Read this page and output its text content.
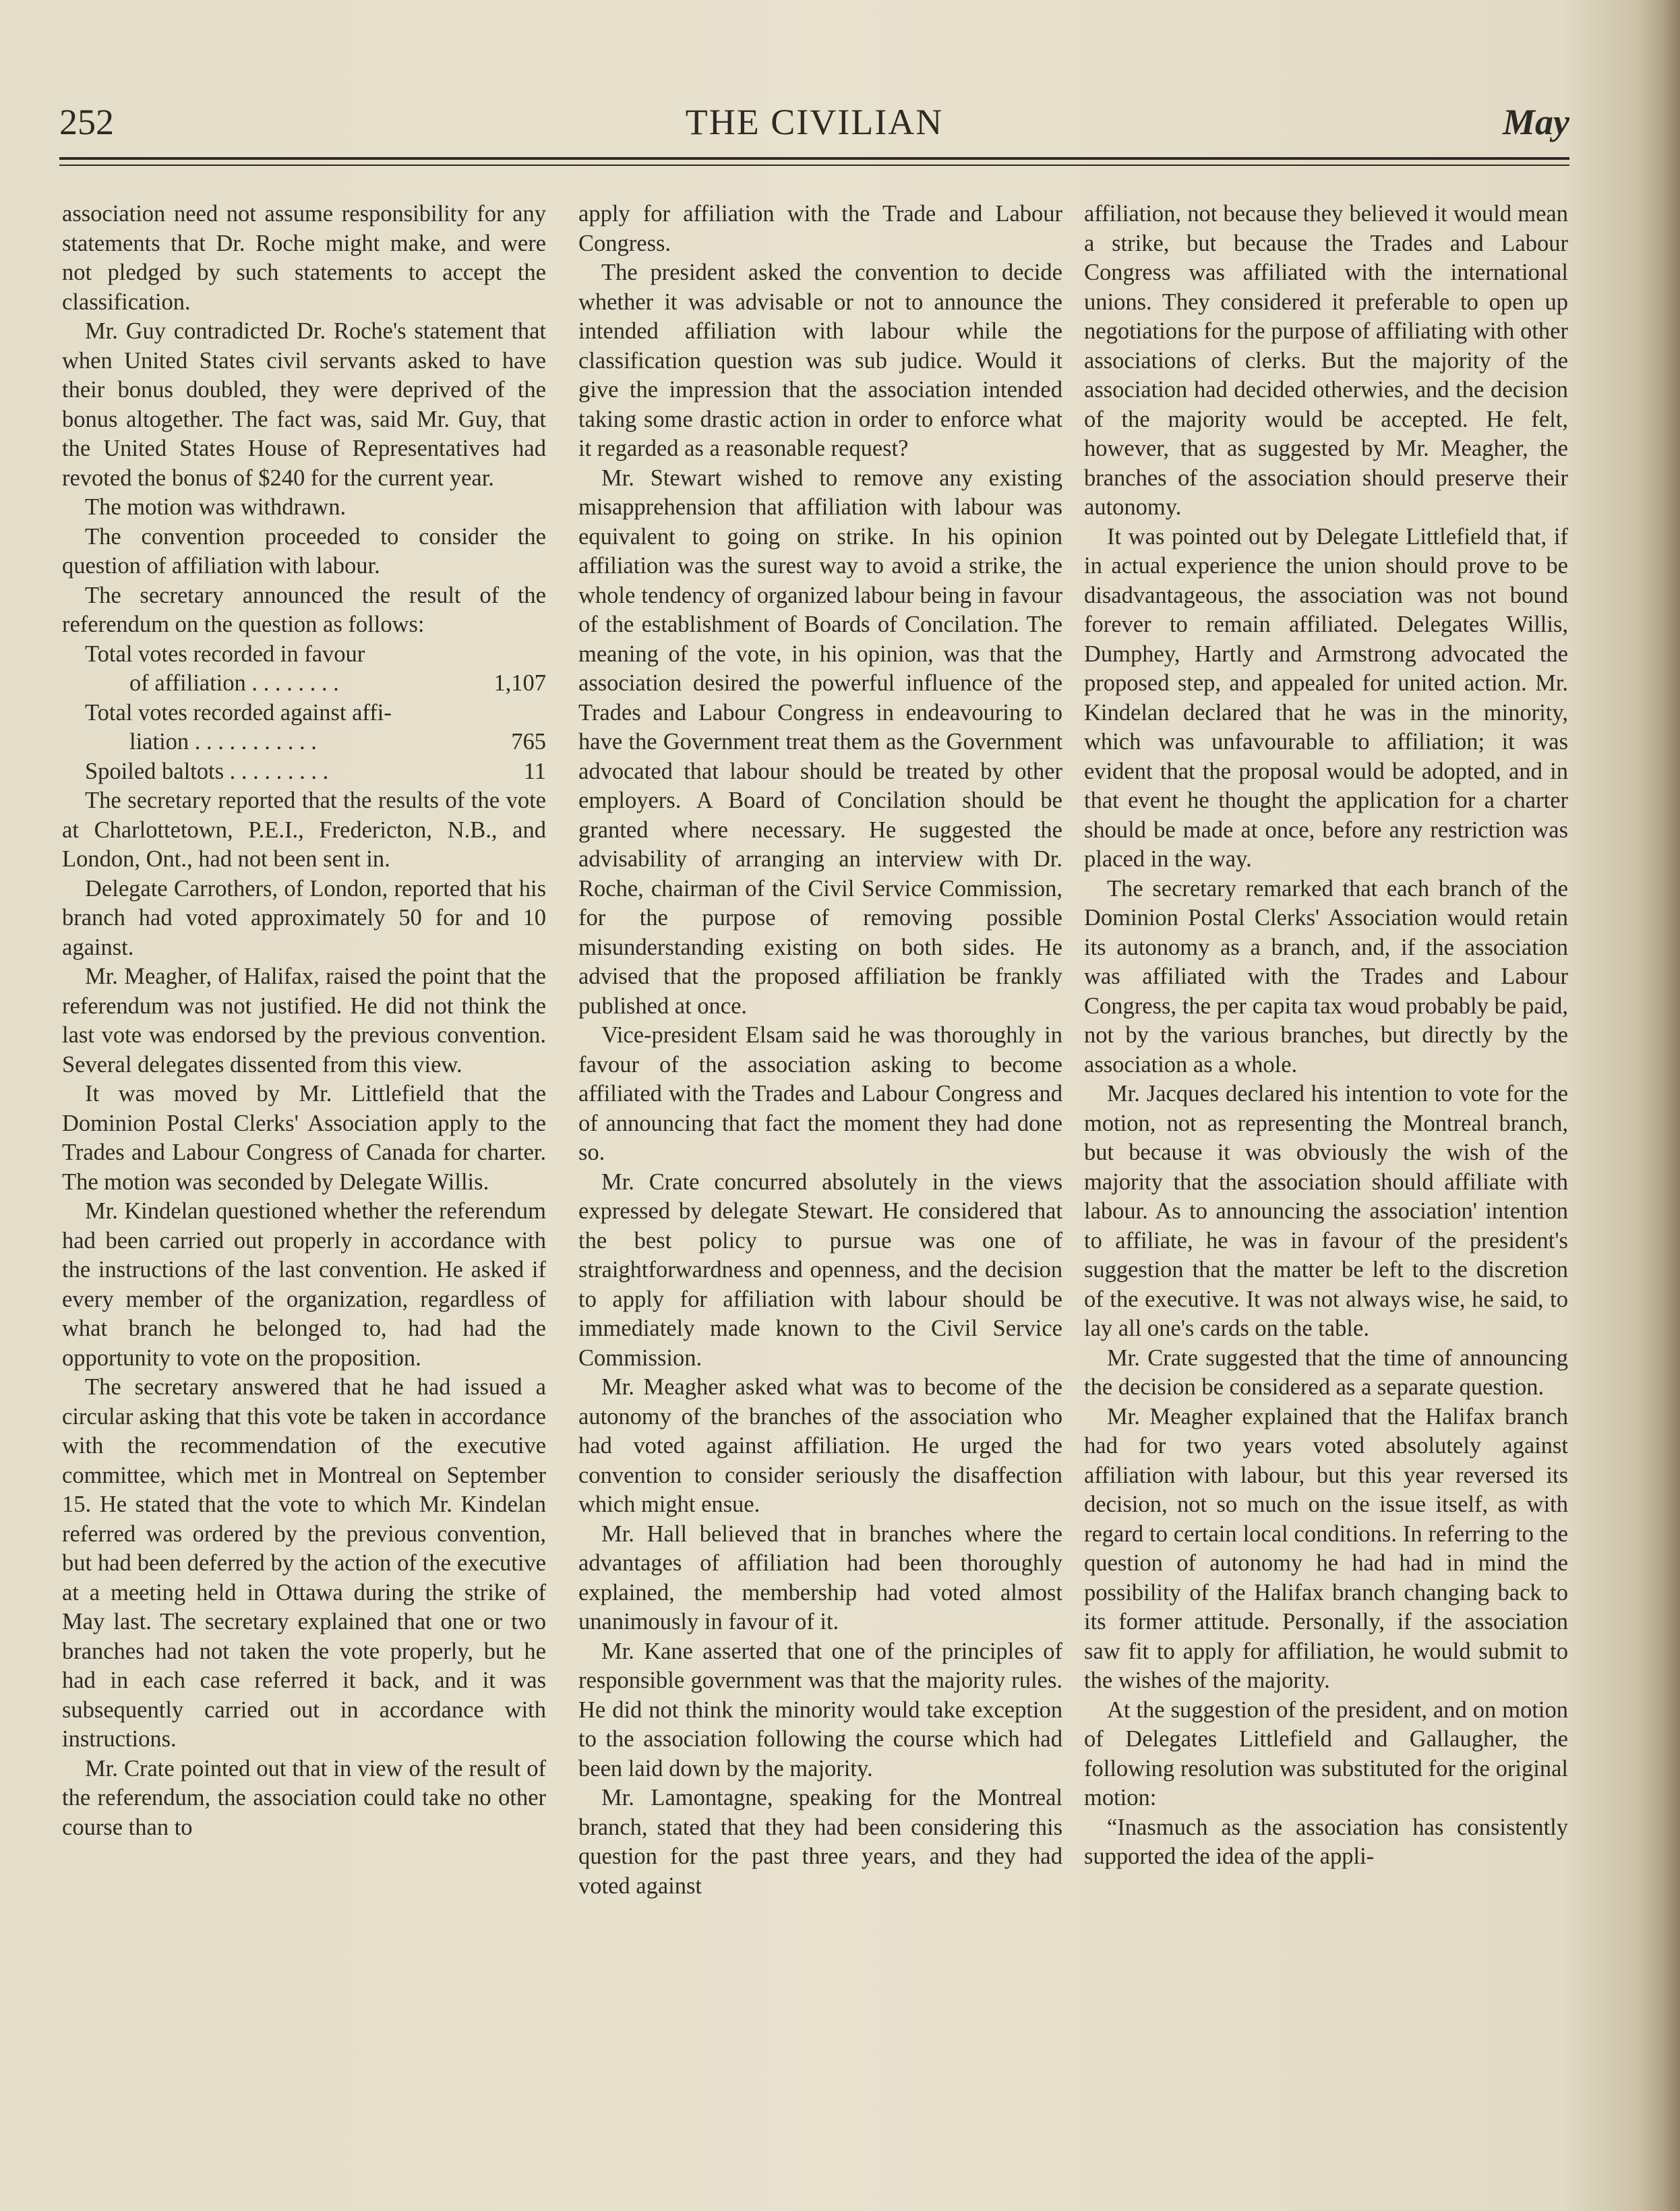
252	THE CIVILIAN	May

association need not assume responsibility for any statements that Dr. Roche might make, and were not pledged by such statements to accept the classification.

Mr. Guy contradicted Dr. Roche's statement that when United States civil servants asked to have their bonus doubled, they were deprived of the bonus altogether. The fact was, said Mr. Guy, that the United States House of Representatives had revoted the bonus of $240 for the current year.

The motion was withdrawn.

The convention proceeded to consider the question of affiliation with labour.

The secretary announced the result of the referendum on the question as follows:

Total votes recorded in favour
of affiliation . . . . . . . .	1,107
Total votes recorded against affi-
liation . . . . . . . . . . .	765
Spoiled baltots . . . . . . . . .	11

The secretary reported that the results of the vote at Charlottetown, P.E.I., Fredericton, N.B., and London, Ont., had not been sent in.

Delegate Carrothers, of London, reported that his branch had voted approximately 50 for and 10 against.

Mr. Meagher, of Halifax, raised the point that the referendum was not justified. He did not think the last vote was endorsed by the previous convention. Several delegates dissented from this view.

It was moved by Mr. Littlefield that the Dominion Postal Clerks' Association apply to the Trades and Labour Congress of Canada for charter. The motion was seconded by Delegate Willis.

Mr. Kindelan questioned whether the referendum had been carried out properly in accordance with the instructions of the last convention. He asked if every member of the organization, regardless of what branch he belonged to, had had the opportunity to vote on the proposition.

The secretary answered that he had issued a circular asking that this vote be taken in accordance with the recommendation of the executive committee, which met in Montreal on September 15. He stated that the vote to which Mr. Kindelan referred was ordered by the previous convention, but had been deferred by the action of the executive at a meeting held in Ottawa during the strike of May last. The secretary explained that one or two branches had not taken the vote properly, but he had in each case referred it back, and it was subsequently carried out in accordance with instructions.

Mr. Crate pointed out that in view of the result of the referendum, the association could take no other course than to

apply for affiliation with the Trade and Labour Congress.

The president asked the convention to decide whether it was advisable or not to announce the intended affiliation with labour while the classification question was sub judice. Would it give the impression that the association intended taking some drastic action in order to enforce what it regarded as a reasonable request?

Mr. Stewart wished to remove any existing misapprehension that affiliation with labour was equivalent to going on strike. In his opinion affiliation was the surest way to avoid a strike, the whole tendency of organized labour being in favour of the establishment of Boards of Concilation. The meaning of the vote, in his opinion, was that the association desired the powerful influence of the Trades and Labour Congress in endeavouring to have the Government treat them as the Government advocated that labour should be treated by other employers. A Board of Concilation should be granted where necessary. He suggested the advisability of arranging an interview with Dr. Roche, chairman of the Civil Service Commission, for the purpose of removing possible misunderstanding existing on both sides. He advised that the proposed affiliation be frankly published at once.

Vice-president Elsam said he was thoroughly in favour of the association asking to become affiliated with the Trades and Labour Congress and of announcing that fact the moment they had done so.

Mr. Crate concurred absolutely in the views expressed by delegate Stewart. He considered that the best policy to pursue was one of straightforwardness and openness, and the decision to apply for affiliation with labour should be immediately made known to the Civil Service Commission.

Mr. Meagher asked what was to become of the autonomy of the branches of the association who had voted against affiliation. He urged the convention to consider seriously the disaffection which might ensue.

Mr. Hall believed that in branches where the advantages of affiliation had been thoroughly explained, the membership had voted almost unanimously in favour of it.

Mr. Kane asserted that one of the principles of responsible government was that the majority rules. He did not think the minority would take exception to the association following the course which had been laid down by the majority.

Mr. Lamontagne, speaking for the Montreal branch, stated that they had been considering this question for the past three years, and they had voted against

affiliation, not because they believed it would mean a strike, but because the Trades and Labour Congress was affiliated with the international unions. They considered it preferable to open up negotiations for the purpose of affiliating with other associations of clerks. But the majority of the association had decided otherwies, and the decision of the majority would be accepted. He felt, however, that as suggested by Mr. Meagher, the branches of the association should preserve their autonomy.

It was pointed out by Delegate Littlefield that, if in actual experience the union should prove to be disadvantageous, the association was not bound forever to remain affiliated. Delegates Willis, Dumphey, Hartly and Armstrong advocated the proposed step, and appealed for united action. Mr. Kindelan declared that he was in the minority, which was unfavourable to affiliation; it was evident that the proposal would be adopted, and in that event he thought the application for a charter should be made at once, before any restriction was placed in the way.

The secretary remarked that each branch of the Dominion Postal Clerks' Association would retain its autonomy as a branch, and, if the association was affiliated with the Trades and Labour Congress, the per capita tax woud probably be paid, not by the various branches, but directly by the association as a whole.

Mr. Jacques declared his intention to vote for the motion, not as representing the Montreal branch, but because it was obviously the wish of the majority that the association should affiliate with labour. As to announcing the association' intention to affiliate, he was in favour of the president's suggestion that the matter be left to the discretion of the executive. It was not always wise, he said, to lay all one's cards on the table.

Mr. Crate suggested that the time of announcing the decision be considered as a separate question.

Mr. Meagher explained that the Halifax branch had for two years voted absolutely against affiliation with labour, but this year reversed its decision, not so much on the issue itself, as with regard to certain local conditions. In referring to the question of autonomy he had had in mind the possibility of the Halifax branch changing back to its former attitude. Personally, if the association saw fit to apply for affiliation, he would submit to the wishes of the majority.

At the suggestion of the president, and on motion of Delegates Littlefield and Gallaugher, the following resolution was substituted for the original motion:

“Inasmuch as the association has consistently supported the idea of the appli-
